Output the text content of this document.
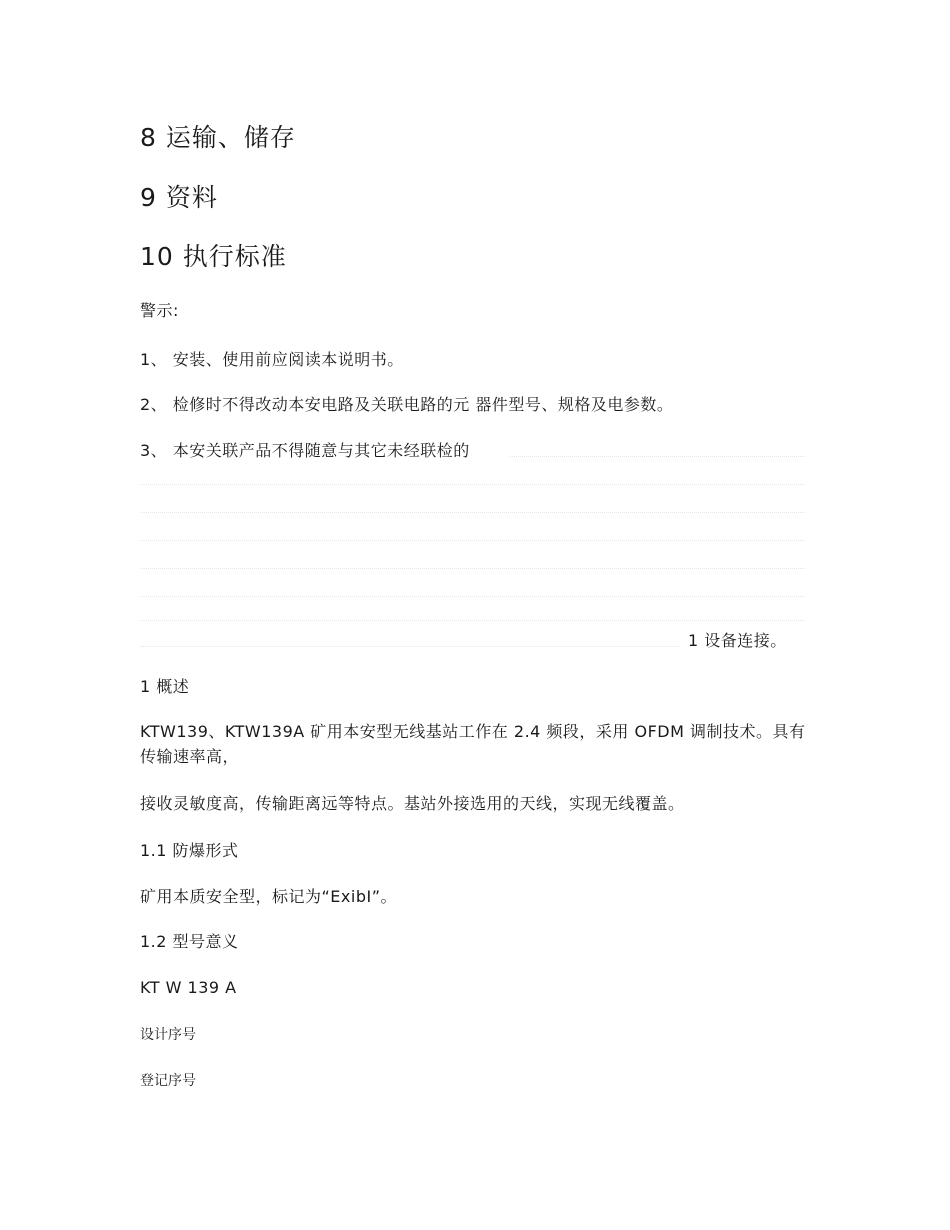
8 运输、储存
9 资料
10 执行标准
警示:
1、 安装、使用前应阅读本说明书。
2、 检修时不得改动本安电路及关联电路的元 器件型号、规格及电参数。
3、 本安关联产品不得随意与其它未经联检的
1 设备连接。
1 概述
KTW139、KTW139A 矿用本安型无线基站工作在 2.4 频段，采用 OFDM 调制技术。具有传输速率高，
接收灵敏度高，传输距离远等特点。基站外接选用的天线，实现无线覆盖。
1.1 防爆形式
矿用本质安全型，标记为“ExibI”。
1.2 型号意义
KT W 139 A
设计序号
登记序号
